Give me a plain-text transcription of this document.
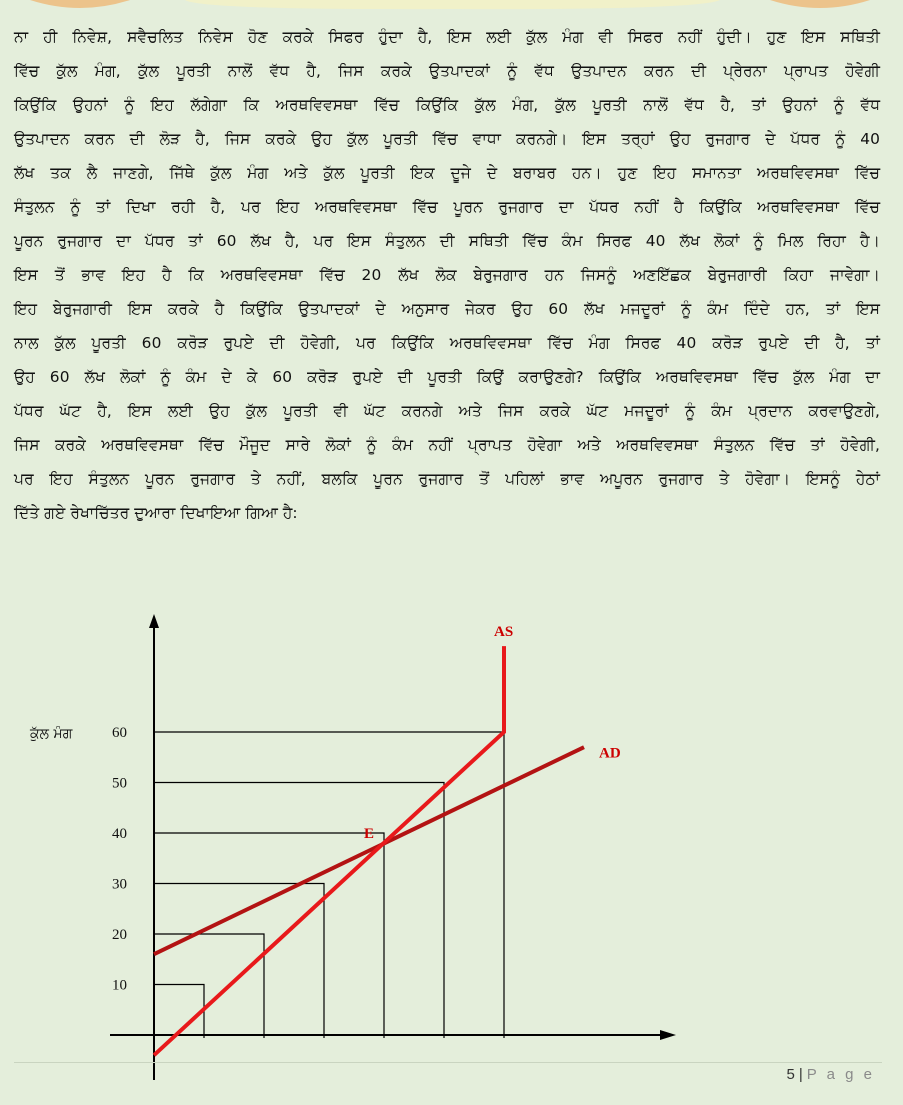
ਨਾ ਹੀ ਨਿਵੇਸ਼, ਸਵੈਚਲਿਤ ਨਿਵੇਸ ਹੋਣ ਕਰਕੇ ਸਿਫਰ ਹੁੰਦਾ ਹੈ, ਇਸ ਲਈ ਕੁੱਲ ਮੰਗ ਵੀ ਸਿਫਰ ਨਹੀਂ ਹੁੰਦੀ। ਹੁਣ ਇਸ ਸਥਿਤੀ
ਵਿੱਚ ਕੁੱਲ ਮੰਗ, ਕੁੱਲ ਪੂਰਤੀ ਨਾਲੋਂ ਵੱਧ ਹੈ, ਜਿਸ ਕਰਕੇ ਉਤਪਾਦਕਾਂ ਨੂੰ ਵੱਧ ਉਤਪਾਦਨ ਕਰਨ ਦੀ ਪ੍ਰੇਰਨਾ ਪ੍ਰਾਪਤ ਹੋਵੇਗੀ
ਕਿਉਂਕਿ ਉਹਨਾਂ ਨੂੰ ਇਹ ਲੱਗੇਗਾ ਕਿ ਅਰਥਵਿਵਸਥਾ ਵਿੱਚ ਕਿਉਂਕਿ ਕੁੱਲ ਮੰਗ, ਕੁੱਲ ਪੂਰਤੀ ਨਾਲੋਂ ਵੱਧ ਹੈ, ਤਾਂ ਉਹਨਾਂ ਨੂੰ ਵੱਧ
ਉਤਪਾਦਨ ਕਰਨ ਦੀ ਲੋੜ ਹੈ, ਜਿਸ ਕਰਕੇ ਉਹ ਕੁੱਲ ਪੂਰਤੀ ਵਿੱਚ ਵਾਧਾ ਕਰਨਗੇ। ਇਸ ਤਰ੍ਹਾਂ ਉਹ ਰੁਜਗਾਰ ਦੇ ਪੱਧਰ ਨੂੰ 40
ਲੱਖ ਤਕ ਲੈ ਜਾਣਗੇ, ਜਿੱਥੇ ਕੁੱਲ ਮੰਗ ਅਤੇ ਕੁੱਲ ਪੂਰਤੀ ਇਕ ਦੂਜੇ ਦੇ ਬਰਾਬਰ ਹਨ। ਹੁਣ ਇਹ ਸਮਾਨਤਾ ਅਰਥਵਿਵਸਥਾ ਵਿੱਚ
ਸੰਤੁਲਨ ਨੂੰ ਤਾਂ ਦਿਖਾ ਰਹੀ ਹੈ, ਪਰ ਇਹ ਅਰਥਵਿਵਸਥਾ ਵਿੱਚ ਪੂਰਨ ਰੁਜਗਾਰ ਦਾ ਪੱਧਰ ਨਹੀਂ ਹੈ ਕਿਉਂਕਿ ਅਰਥਵਿਵਸਥਾ ਵਿੱਚ
ਪੂਰਨ ਰੁਜਗਾਰ ਦਾ ਪੱਧਰ ਤਾਂ 60 ਲੱਖ ਹੈ, ਪਰ ਇਸ ਸੰਤੁਲਨ ਦੀ ਸਥਿਤੀ ਵਿੱਚ ਕੰਮ ਸਿਰਫ 40 ਲੱਖ ਲੋਕਾਂ ਨੂੰ ਮਿਲ ਰਿਹਾ ਹੈ।
ਇਸ ਤੋਂ ਭਾਵ ਇਹ ਹੈ ਕਿ ਅਰਥਵਿਵਸਥਾ ਵਿੱਚ 20 ਲੱਖ ਲੋਕ ਬੇਰੁਜਗਾਰ ਹਨ ਜਿਸਨੂੰ ਅਣਇੱਛਕ ਬੇਰੁਜਗਾਰੀ ਕਿਹਾ ਜਾਵੇਗਾ।
ਇਹ ਬੇਰੁਜਗਾਰੀ ਇਸ ਕਰਕੇ ਹੈ ਕਿਉਂਕਿ ਉਤਪਾਦਕਾਂ ਦੇ ਅਨੁਸਾਰ ਜੇਕਰ ਉਹ 60 ਲੱਖ ਮਜਦੂਰਾਂ ਨੂੰ ਕੰਮ ਦਿੰਦੇ ਹਨ, ਤਾਂ ਇਸ
ਨਾਲ ਕੁੱਲ ਪੂਰਤੀ 60 ਕਰੋੜ ਰੁਪਏ ਦੀ ਹੋਵੇਗੀ, ਪਰ ਕਿਉਂਕਿ ਅਰਥਵਿਵਸਥਾ ਵਿੱਚ ਮੰਗ ਸਿਰਫ 40 ਕਰੋੜ ਰੁਪਏ ਦੀ ਹੈ, ਤਾਂ
ਉਹ 60 ਲੱਖ ਲੋਕਾਂ ਨੂੰ ਕੰਮ ਦੇ ਕੇ 60 ਕਰੋੜ ਰੁਪਏ ਦੀ ਪੂਰਤੀ ਕਿਉਂ ਕਰਾਉਣਗੇ? ਕਿਉਂਕਿ ਅਰਥਵਿਵਸਥਾ ਵਿੱਚ ਕੁੱਲ ਮੰਗ ਦਾ
ਪੱਧਰ ਘੱਟ ਹੈ, ਇਸ ਲਈ ਉਹ ਕੁੱਲ ਪੂਰਤੀ ਵੀ ਘੱਟ ਕਰਨਗੇ ਅਤੇ ਜਿਸ ਕਰਕੇ ਘੱਟ ਮਜਦੂਰਾਂ ਨੂੰ ਕੰਮ ਪ੍ਰਦਾਨ ਕਰਵਾਉਣਗੇ,
ਜਿਸ ਕਰਕੇ ਅਰਥਵਿਵਸਥਾ ਵਿੱਚ ਮੌਜੂਦ ਸਾਰੇ ਲੋਕਾਂ ਨੂੰ ਕੰਮ ਨਹੀਂ ਪ੍ਰਾਪਤ ਹੋਵੇਗਾ ਅਤੇ ਅਰਥਵਿਵਸਥਾ ਸੰਤੁਲਨ ਵਿੱਚ ਤਾਂ ਹੋਵੇਗੀ,
ਪਰ ਇਹ ਸੰਤੁਲਨ ਪੂਰਨ ਰੁਜਗਾਰ ਤੇ ਨਹੀਂ, ਬਲਕਿ ਪੂਰਨ ਰੁਜਗਾਰ ਤੋਂ ਪਹਿਲਾਂ ਭਾਵ ਅਪੂਰਨ ਰੁਜਗਾਰ ਤੇ ਹੋਵੇਗਾ। ਇਸਨੂੰ ਹੇਠਾਂ
ਦਿੱਤੇ ਗਏ ਰੇਖਾਚਿੱਤਰ ਦੁਆਰਾ ਦਿਖਾਇਆ ਗਿਆ ਹੈ:
10
20
30
40
50
60
ਕੁੱਲ ਮੰਗ
AS
AD
E
5 | P a g e
